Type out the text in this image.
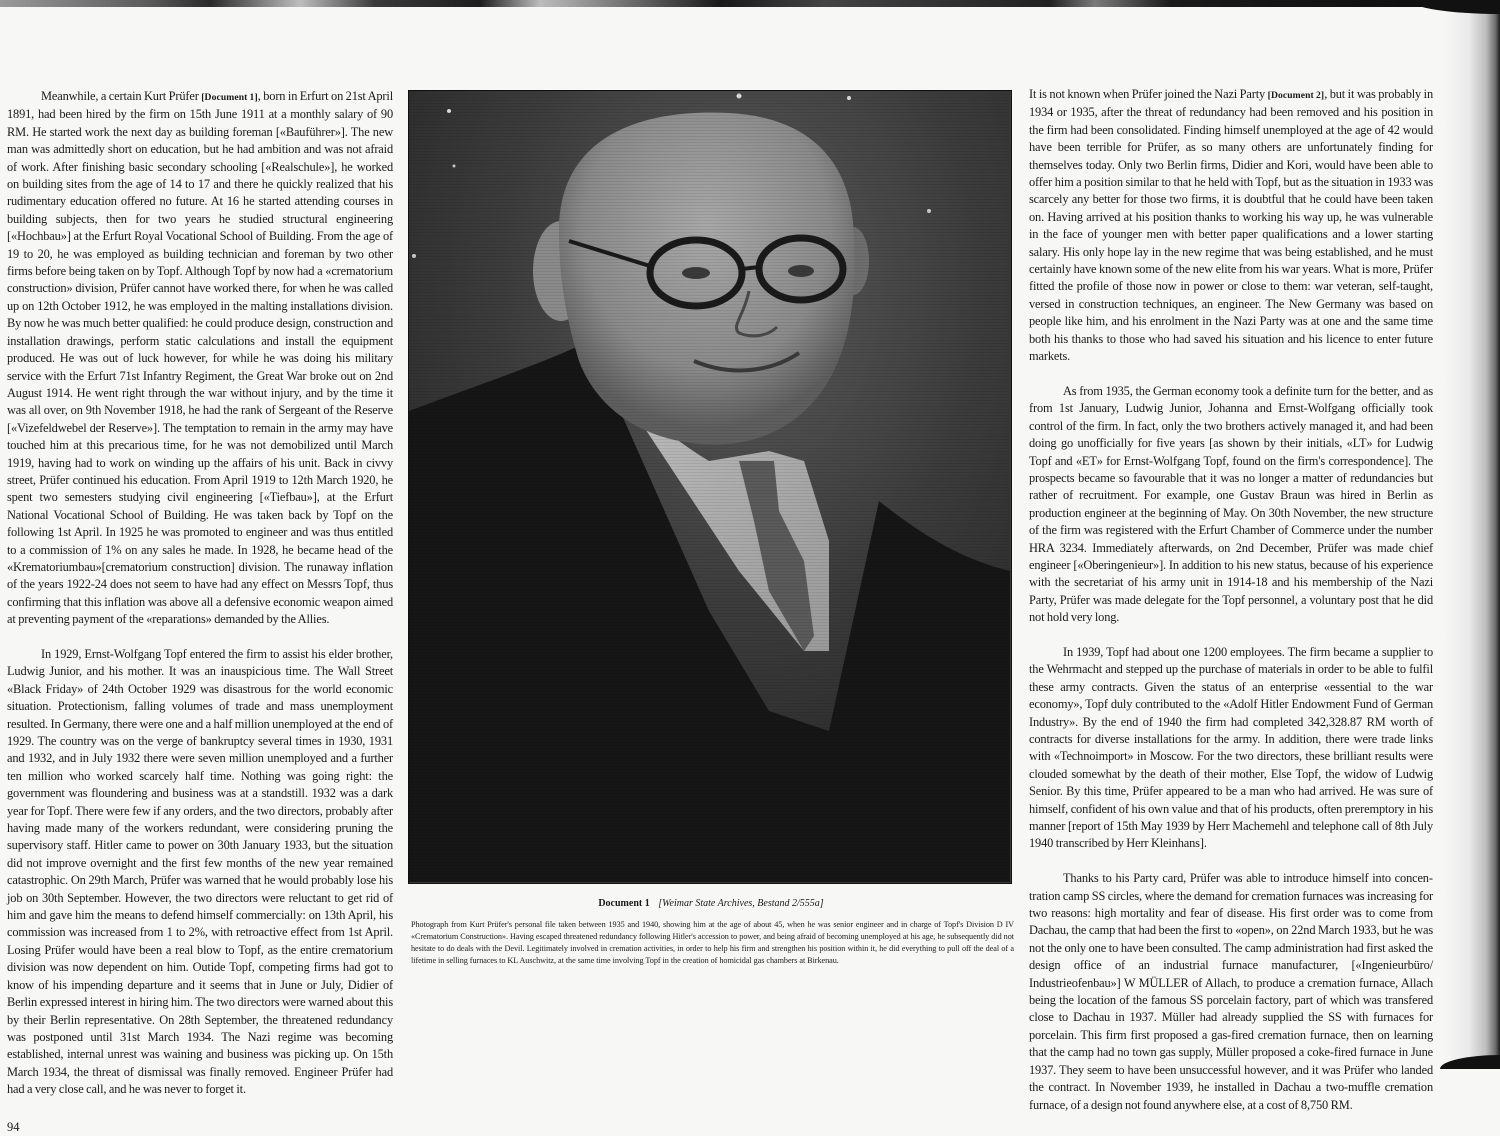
Meanwhile, a certain Kurt Prüfer [Document 1], born in Erfurt on 21st April 1891, had been hired by the firm on 15th June 1911 at a monthly salary of 90 RM. He started work the next day as building foreman [«Bauführer»]. The new man was admittedly short on education, but he had ambition and was not afraid of work. After finishing basic secondary schooling [«Realschule»], he worked on building sites from the age of 14 to 17 and there he quickly realized that his rudimentary education offered no future. At 16 he started attending courses in building subjects, then for two years he studied structural engineering [«Hochbau»] at the Erfurt Royal Vocational School of Building. From the age of 19 to 20, he was employed as building technician and foreman by two other firms before being taken on by Topf. Although Topf by now had a «crematorium construction» division, Prüfer cannot have worked there, for when he was called up on 12th October 1912, he was employed in the malting installations division. By now he was much better qualified: he could produce design, construction and installation drawings, perform static calculations and install the equipment produced. He was out of luck however, for while he was doing his military service with the Erfurt 71st Infantry Regiment, the Great War broke out on 2nd August 1914. He went right through the war without injury, and by the time it was all over, on 9th November 1918, he had the rank of Sergeant of the Reserve [«Vizefeldwebel der Reserve»]. The temptation to remain in the army may have touched him at this precarious time, for he was not demobilized until March 1919, having had to work on winding up the affairs of his unit. Back in civvy street, Prüfer continued his education. From April 1919 to 12th March 1920, he spent two semesters studying civil engineering [«Tiefbau»], at the Erfurt National Vocational School of Building. He was taken back by Topf on the following 1st April. In 1925 he was promoted to engineer and was thus entitled to a commission of 1% on any sales he made. In 1928, he became head of the «Krematoriumbau»[crematorium construction] division. The runaway inflation of the years 1922-24 does not seem to have had any effect on Messrs Topf, thus confirming that this inflation was above all a defensive economic weapon aimed at preventing payment of the «reparations» demanded by the Allies.

In 1929, Ernst-Wolfgang Topf entered the firm to assist his elder brother, Ludwig Junior, and his mother. It was an inauspicious time. The Wall Street «Black Friday» of 24th October 1929 was disastrous for the world economic situation. Protectionism, falling volumes of trade and mass unemployment resulted. In Germany, there were one and a half million unemployed at the end of 1929. The country was on the verge of bankruptcy several times in 1930, 1931 and 1932, and in July 1932 there were seven million unemployed and a further ten million who worked scarcely half time. Nothing was going right: the government was floundering and business was at a standstill. 1932 was a dark year for Topf. There were few if any orders, and the two directors, probably after having made many of the workers redundant, were considering pruning the supervisory staff. Hitler came to power on 30th January 1933, but the situation did not improve overnight and the first few months of the new year remained catastrophic. On 29th March, Prüfer was warned that he would probably lose his job on 30th September. However, the two directors were reluctant to get rid of him and gave him the means to defend himself commercially: on 13th April, his commission was increased from 1 to 2%, with retroactive effect from 1st April. Losing Prüfer would have been a real blow to Topf, as the entire crematorium division was now dependent on him. Outide Topf, competing firms had got to know of his impending departure and it seems that in June or July, Didier of Berlin expressed interest in hiring him. The two directors were warned about this by their Berlin representative. On 28th September, the threatened redundancy was postponed until 31st March 1934. The Nazi regime was becoming established, internal unrest was waining and business was picking up. On 15th March 1934, the threat of dismissal was finally removed. Engineer Prüfer had had a very close call, and he was never to forget it.

94
Document 1 [Weimar State Archives, Bestand 2/555a]
Photograph from Kurt Prüfer's personal file taken between 1935 and 1940, showing him at the age of about 45, when he was senior engineer and in charge of Topf's Division D IV «Crematorium Construction». Having escaped threatened redundancy following Hitler's accession to power, and being afraid of becoming unemployed at his age, he subsequently did not hesitate to do deals with the Devil. Legitimately involved in cremation activities, in order to help his firm and strengthen his position within it, he did everything to pull off the deal of a lifetime in selling furnaces to KL Auschwitz, at the same time involving Topf in the creation of homicidal gas chambers at Birkenau.

It is not known when Prüfer joined the Nazi Party [Document 2], but it was probably in 1934 or 1935, after the threat of redundancy had been removed and his position in the firm had been consolidated. Finding himself unemployed at the age of 42 would have been terrible for Prüfer, as so many others are unfortunately finding for themselves today. Only two Berlin firms, Didier and Kori, would have been able to offer him a position similar to that he held with Topf, but as the situation in 1933 was scarcely any better for those two firms, it is doubtful that he could have been taken on. Having arrived at his position thanks to working his way up, he was vulnerable in the face of younger men with better paper qualifications and a lower starting salary. His only hope lay in the new regime that was being established, and he must certainly have known some of the new elite from his war years. What is more, Prüfer fitted the profile of those now in power or close to them: war veteran, self-taught, versed in construction techniques, an engineer. The New Germany was based on people like him, and his enrolment in the Nazi Party was at one and the same time both his thanks to those who had saved his situation and his licence to enter future markets.

As from 1935, the German economy took a definite turn for the better, and as from 1st January, Ludwig Junior, Johanna and Ernst-Wolfgang officially took control of the firm. In fact, only the two brothers actively managed it, and had been doing go unofficially for five years [as shown by their initials, «LT» for Ludwig Topf and «ET» for Ernst-Wolfgang Topf, found on the firm's correspondence]. The prospects became so favourable that it was no longer a matter of redundancies but rather of recruitment. For example, one Gustav Braun was hired in Berlin as production engineer at the beginning of May. On 30th November, the new structure of the firm was registered with the Erfurt Chamber of Commerce under the number HRA 3234. Immediately afterwards, on 2nd December, Prüfer was made chief engineer [«Oberingenieur»]. In addition to his new status, because of his experience with the secretariat of his army unit in 1914-18 and his membership of the Nazi Party, Prüfer was made delegate for the Topf personnel, a voluntary post that he did not hold very long.

In 1939, Topf had about one 1200 employees. The firm became a supplier to the Wehrmacht and stepped up the purchase of materials in order to be able to fulfil these army contracts. Given the status of an enterprise «essential to the war economy», Topf duly contributed to the «Adolf Hitler Endowment Fund of German Industry». By the end of 1940 the firm had completed 342,328.87 RM worth of contracts for diverse installations for the army. In addition, there were trade links with «Technoimport» in Moscow. For the two directors, these brilliant results were clouded somewhat by the death of their mother, Else Topf, the widow of Ludwig Senior. By this time, Prüfer appeared to be a man who had arrived. He was sure of himself, confident of his own value and that of his products, often preremptory in his manner [report of 15th May 1939 by Herr Machemehl and telephone call of 8th July 1940 transcribed by Herr Kleinhans].

Thanks to his Party card, Prüfer was able to introduce himself into concentration camp SS circles, where the demand for cremation furnaces was increasing for two reasons: high mortality and fear of disease. His first order was to come from Dachau, the camp that had been the first to «open», on 22nd March 1933, but he was not the only one to have been consulted. The camp administration had first asked the design office of an industrial furnace manufacturer, [«Ingenieurbüro/ Industrieofenbau»] W MÜLLER of Allach, to produce a cremation furnace, Allach being the location of the famous SS porcelain factory, part of which was transfered close to Dachau in 1937. Müller had already supplied the SS with furnaces for porcelain. This firm first proposed a gas-fired cremation furnace, then on learning that the camp had no town gas supply, Müller proposed a coke-fired furnace in June 1937. They seem to have been unsuccessful however, and it was Prüfer who landed the contract. In November 1939, he installed in Dachau a two-muffle cremation furnace, of a design not found anywhere else, at a cost of 8,750 RM.
